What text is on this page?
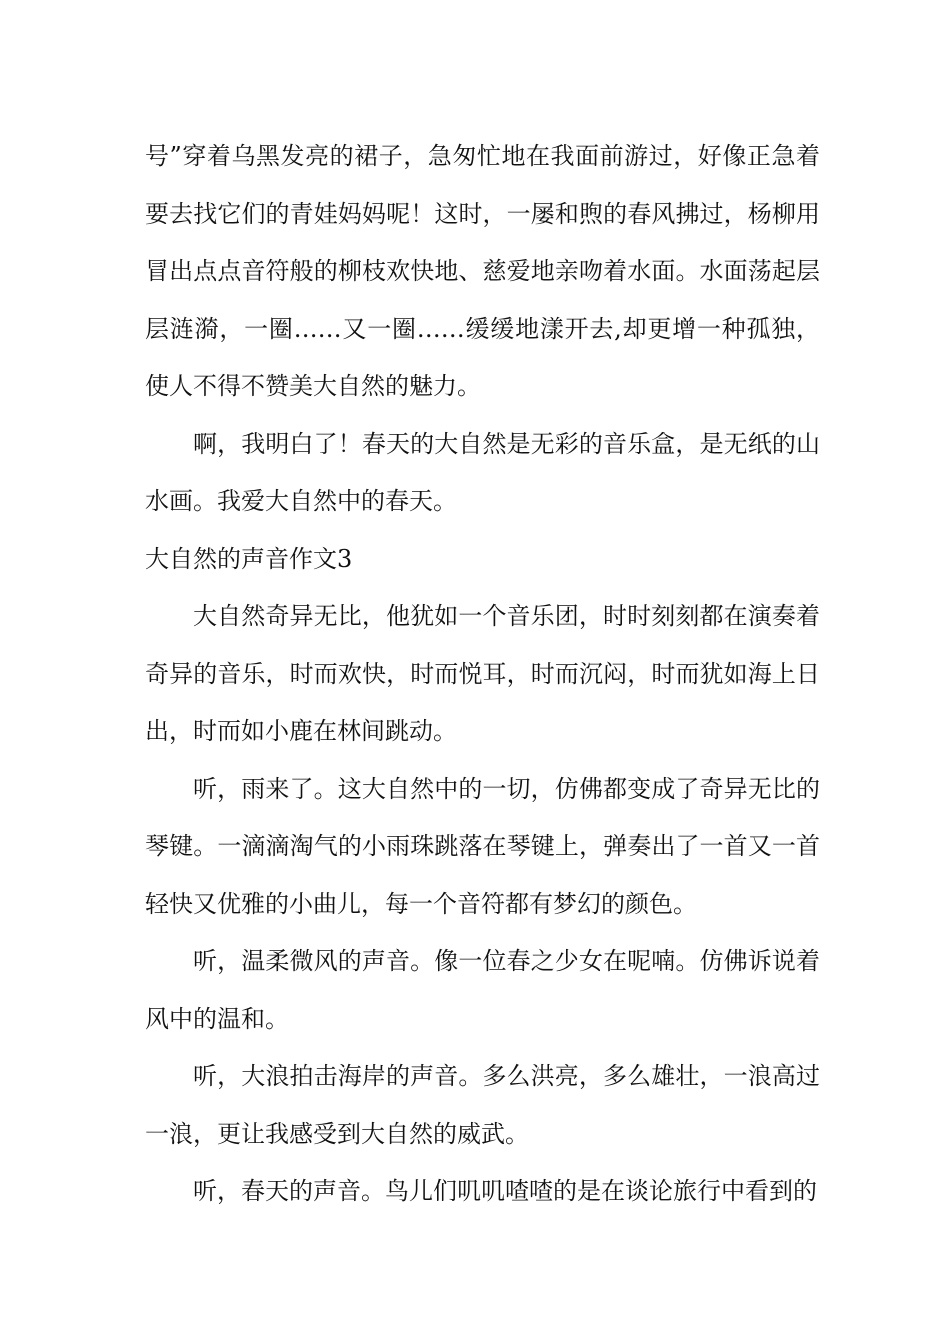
号”穿着乌黑发亮的裙子，急匆忙地在我面前游过，好像正急着要去找它们的青娃妈妈呢！这时，一屡和煦的春风拂过，杨柳用冒出点点音符般的柳枝欢快地、慈爱地亲吻着水面。水面荡起层层涟漪，一圈……又一圈……缓缓地漾开去,却更增一种孤独，使人不得不赞美大自然的魅力。

啊，我明白了！春天的大自然是无彩的音乐盒，是无纸的山水画。我爱大自然中的春天。

大自然的声音作文3

大自然奇异无比，他犹如一个音乐团，时时刻刻都在演奏着奇异的音乐，时而欢快，时而悦耳，时而沉闷，时而犹如海上日出，时而如小鹿在林间跳动。

听，雨来了。这大自然中的一切，仿佛都变成了奇异无比的琴键。一滴滴淘气的小雨珠跳落在琴键上，弹奏出了一首又一首轻快又优雅的小曲儿，每一个音符都有梦幻的颜色。

听，温柔微风的声音。像一位春之少女在呢喃。仿佛诉说着风中的温和。

听，大浪拍击海岸的声音。多么洪亮，多么雄壮，一浪高过一浪，更让我感受到大自然的威武。

听，春天的声音。鸟儿们叽叽喳喳的是在谈论旅行中看到的
